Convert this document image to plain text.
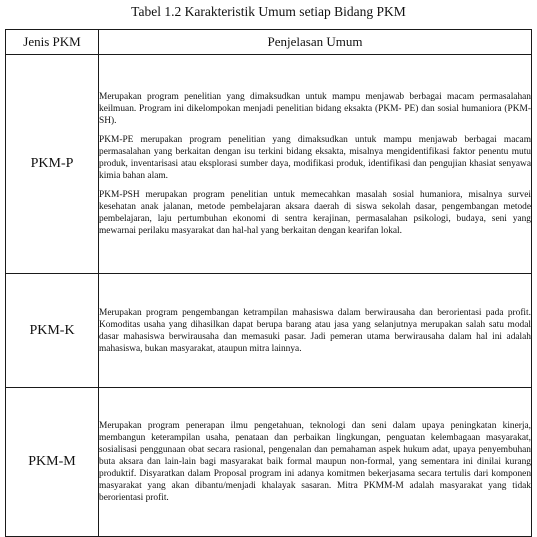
Tabel 1.2 Karakteristik Umum setiap Bidang PKM
Jenis PKM	Penjelasan Umum
PKM-P	Merupakan program penelitian yang dimaksudkan untuk mampu menjawab berbagai macam permasalahan keilmuan. Program ini dikelompokan menjadi penelitian bidang eksakta (PKM- PE) dan sosial humaniora (PKM-SH).

PKM-PE merupakan program penelitian yang dimaksudkan untuk mampu menjawab berbagai macam permasalahan yang berkaitan dengan isu terkini bidang eksakta, misalnya mengidentifikasi faktor penentu mutu produk, inventarisasi atau eksplorasi sumber daya, modifikasi produk, identifikasi dan pengujian khasiat senyawa kimia bahan alam.

PKM-PSH merupakan program penelitian untuk memecahkan masalah sosial humaniora, misalnya survei kesehatan anak jalanan, metode pembelajaran aksara daerah di siswa sekolah dasar, pengembangan metode pembelajaran, laju pertumbuhan ekonomi di sentra kerajinan, permasalahan psikologi, budaya, seni yang mewarnai perilaku masyarakat dan hal-hal yang berkaitan dengan kearifan lokal.

PKM-K	Merupakan program pengembangan ketrampilan mahasiswa dalam berwirausaha dan berorientasi pada profit. Komoditas usaha yang dihasilkan dapat berupa barang atau jasa yang selanjutnya merupakan salah satu modal dasar mahasiswa berwirausaha dan memasuki pasar. Jadi pemeran utama berwirausaha dalam hal ini adalah mahasiswa, bukan masyarakat, ataupun mitra lainnya.

PKM-M	Merupakan program penerapan ilmu pengetahuan, teknologi dan seni dalam upaya peningkatan kinerja, membangun keterampilan usaha, penataan dan perbaikan lingkungan, penguatan kelembagaan masyarakat, sosialisasi penggunaan obat secara rasional, pengenalan dan pemahaman aspek hukum adat, upaya penyembuhan buta aksara dan lain-lain bagi masyarakat baik formal maupun non-formal, yang sementara ini dinilai kurang produktif. Disyaratkan dalam Proposal program ini adanya komitmen bekerjasama secara tertulis dari komponen masyarakat yang akan dibantu/menjadi khalayak sasaran. Mitra PKMM-M adalah masyarakat yang tidak berorientasi profit.
